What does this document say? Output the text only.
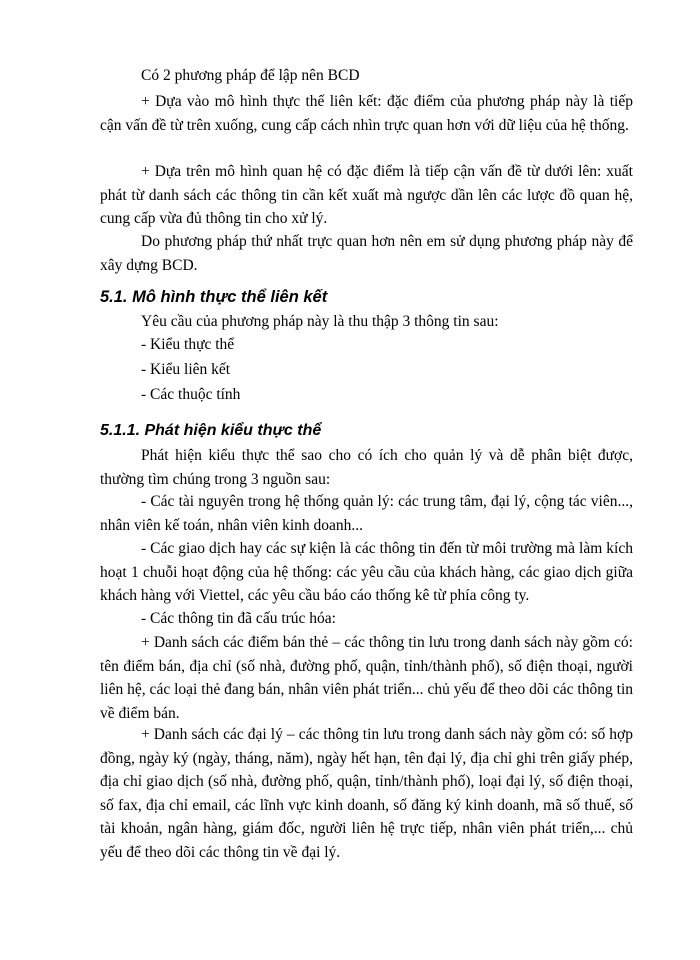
Có 2 phương pháp để lập nên BCD

+ Dựa vào mô hình thực thể liên kết: đặc điểm của phương pháp này là tiếp cận vấn đề từ trên xuống, cung cấp cách nhìn trực quan hơn với dữ liệu của hệ thống.

+ Dựa trên mô hình quan hệ có đặc điểm là tiếp cận vấn đề từ dưới lên: xuất phát từ danh sách các thông tin cần kết xuất mà ngược dần lên các lược đồ quan hệ, cung cấp vừa đủ thông tin cho xử lý.

Do phương pháp thứ nhất trực quan hơn nên em sử dụng phương pháp này để xây dựng BCD.

5.1. Mô hình thực thể liên kết

Yêu cầu của phương pháp này là thu thập 3 thông tin sau:

- Kiểu thực thể

- Kiểu liên kết

- Các thuộc tính

5.1.1. Phát hiện kiểu thực thể

Phát hiện kiểu thực thể sao cho có ích cho quản lý và dễ phân biệt được, thường tìm chúng trong 3 nguồn sau:

- Các tài nguyên trong hệ thống quản lý: các trung tâm, đại lý, cộng tác viên..., nhân viên kế toán, nhân viên kinh doanh...

- Các giao dịch hay các sự kiện là các thông tin đến từ môi trường mà làm kích hoạt 1 chuỗi hoạt động của hệ thống: các yêu cầu của khách hàng, các giao dịch giữa khách hàng với Viettel, các yêu cầu báo cáo thống kê từ phía công ty.

- Các thông tin đã cấu trúc hóa:

+ Danh sách các điểm bán thẻ – các thông tin lưu trong danh sách này gồm có: tên điểm bán, địa chỉ (số nhà, đường phố, quận, tỉnh/thành phố), số điện thoại, người liên hệ, các loại thẻ đang bán, nhân viên phát triển... chủ yếu để theo dõi các thông tin về điểm bán.

+ Danh sách các đại lý – các thông tin lưu trong danh sách này gồm có: số hợp đồng, ngày ký (ngày, tháng, năm), ngày hết hạn, tên đại lý, địa chỉ ghi trên giấy phép, địa chỉ giao dịch (số nhà, đường phố, quận, tỉnh/thành phố), loại đại lý, số điện thoại, số fax, địa chỉ email, các lĩnh vực kinh doanh, số đăng ký kinh doanh, mã số thuế, số tài khoản, ngân hàng, giám đốc, người liên hệ trực tiếp, nhân viên phát triển,... chủ yếu để theo dõi các thông tin về đại lý.
